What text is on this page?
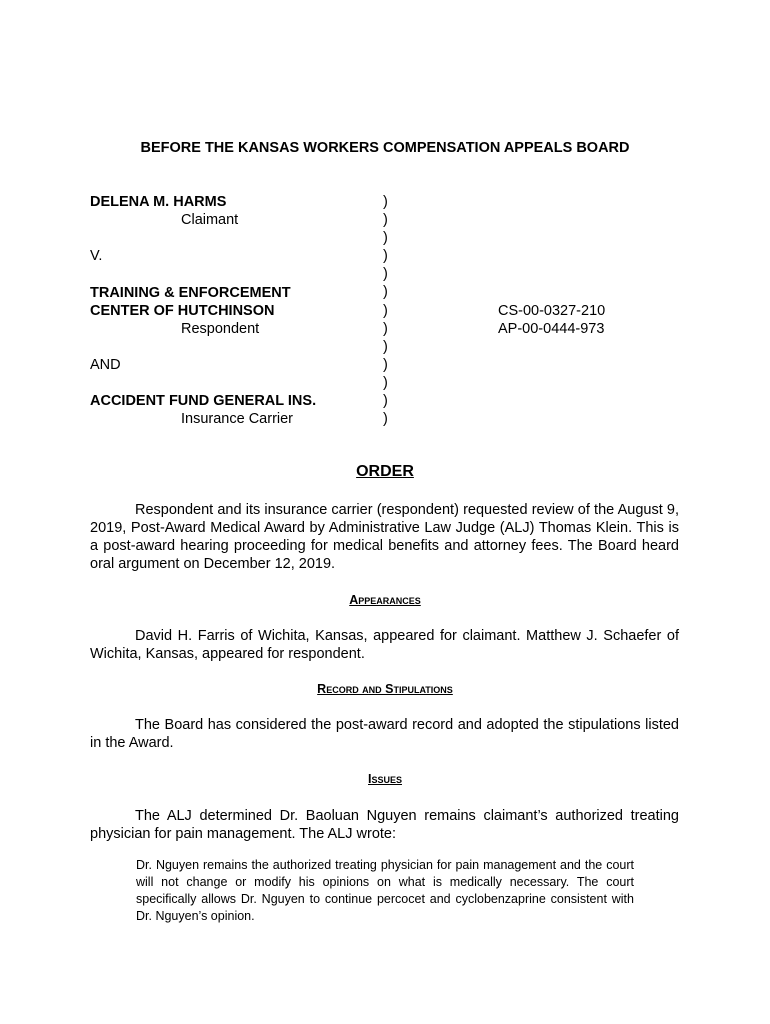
BEFORE THE KANSAS WORKERS COMPENSATION APPEALS BOARD
DELENA M. HARMS
Claimant
V.
TRAINING & ENFORCEMENT
CENTER OF HUTCHINSON
Respondent
AND
ACCIDENT FUND GENERAL INS.
Insurance Carrier
)
)
)
)
)
)
)
)
)
)
)
)
)
CS-00-0327-210
AP-00-0444-973
ORDER
Respondent and its insurance carrier (respondent) requested review of the August 9, 2019, Post-Award Medical Award by Administrative Law Judge (ALJ) Thomas Klein. This is a post-award hearing proceeding for medical benefits and attorney fees. The Board heard oral argument on December 12, 2019.
Appearances
David H. Farris of Wichita, Kansas, appeared for claimant. Matthew J. Schaefer of Wichita, Kansas, appeared for respondent.
Record and Stipulations
The Board has considered the post-award record and adopted the stipulations listed in the Award.
Issues
The ALJ determined Dr. Baoluan Nguyen remains claimant’s authorized treating physician for pain management. The ALJ wrote:
Dr. Nguyen remains the authorized treating physician for pain management and the court will not change or modify his opinions on what is medically necessary. The court specifically allows Dr. Nguyen to continue percocet and cyclobenzaprine consistent with Dr. Nguyen’s opinion.
